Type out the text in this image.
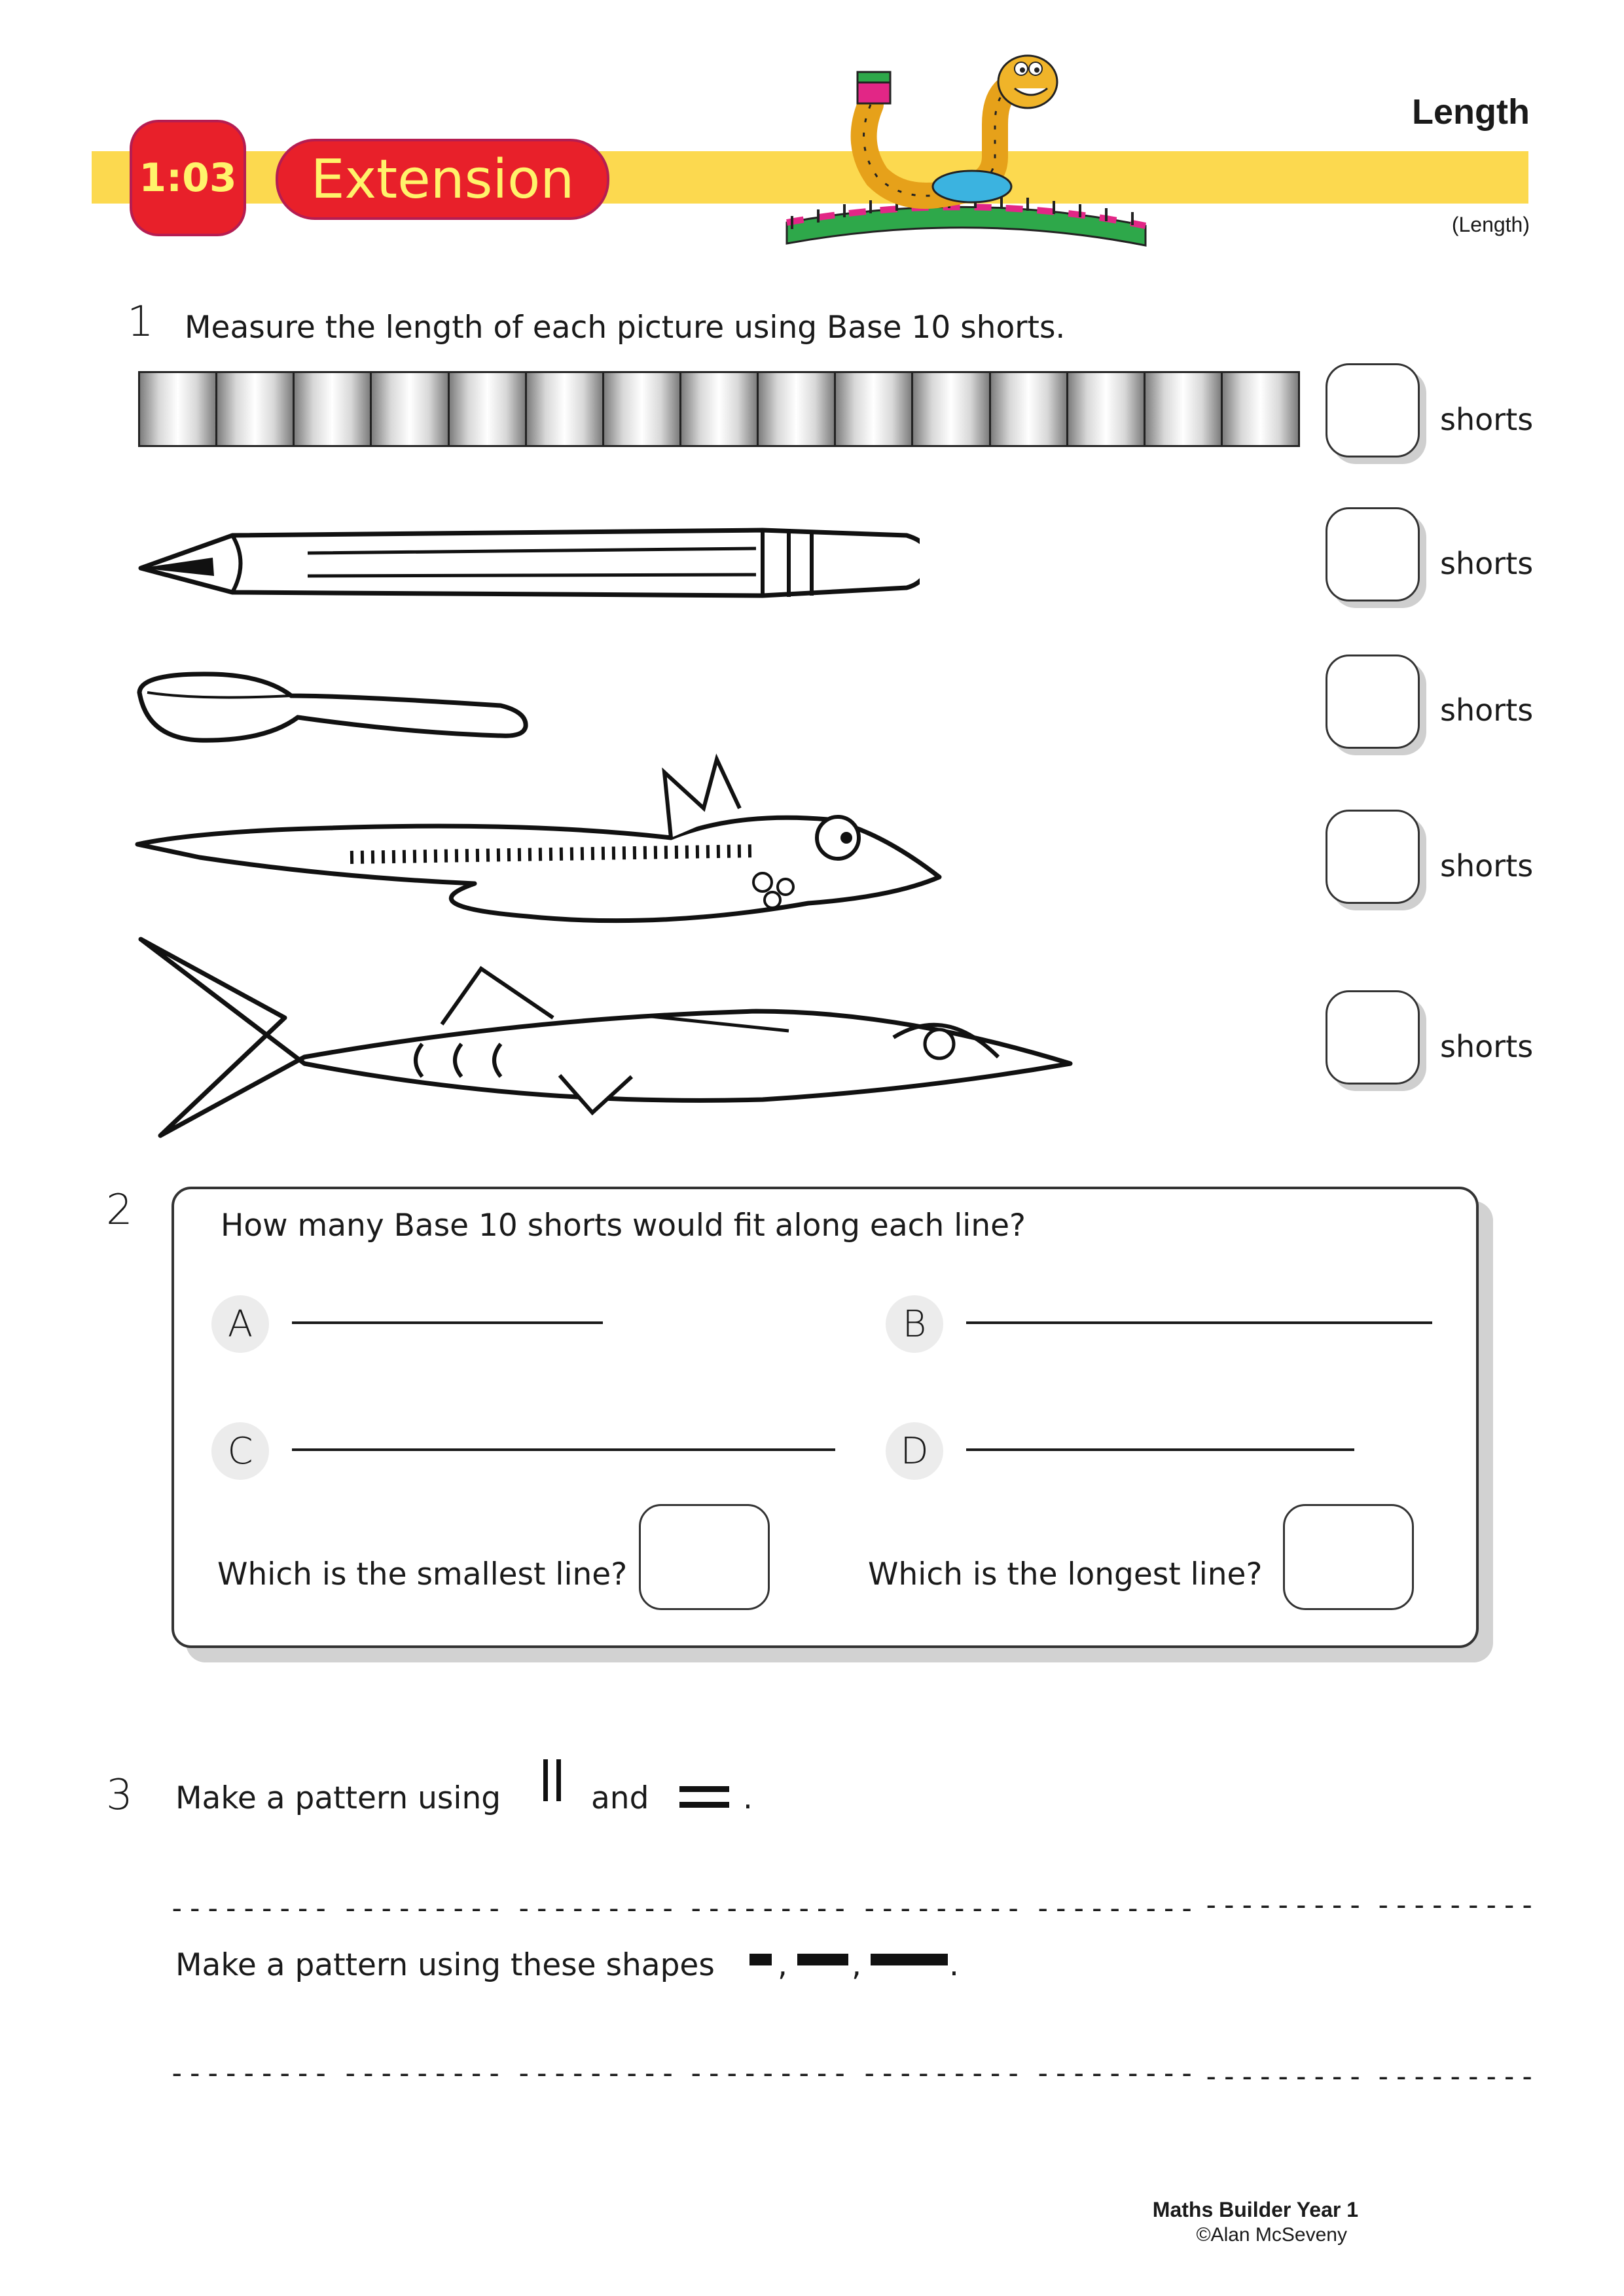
1:03	Extension
Length
(Length)
1 Measure the length of each picture using Base 10 shorts.
shorts
shorts
shorts
shorts
shorts
2	How many Base 10 shorts would fit along each line?
A	B
C	D
Which is the smallest line?	Which is the longest line?
3 Make a pattern using	and	.
--------- --------- --------- --------- --------- --------- --------- ---------
Make a pattern using these shapes , ,	.
--------- --------- --------- --------- --------- --------- --------- ---------
Maths Builder Year 1
©Alan McSeveny
